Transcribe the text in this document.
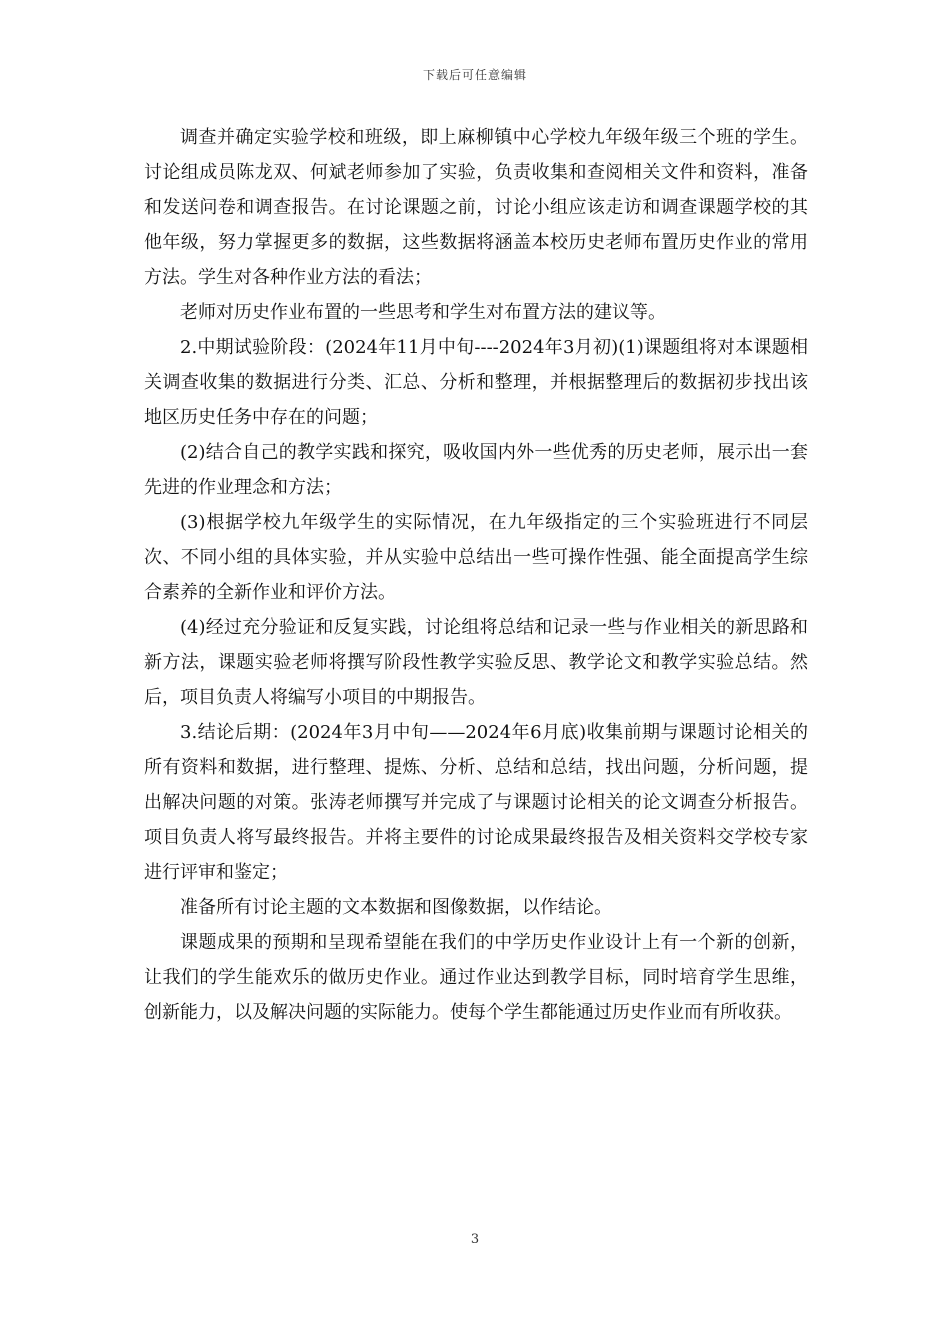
下载后可任意编辑

调查并确定实验学校和班级，即上麻柳镇中心学校九年级年级三个班的学生。讨论组成员陈龙双、何斌老师参加了实验，负责收集和查阅相关文件和资料，准备和发送问卷和调查报告。在讨论课题之前，讨论小组应该走访和调查课题学校的其他年级，努力掌握更多的数据，这些数据将涵盖本校历史老师布置历史作业的常用方法。学生对各种作业方法的看法；

老师对历史作业布置的一些思考和学生对布置方法的建议等。

2.中期试验阶段：(2024年11月中旬----2024年3月初)(1)课题组将对本课题相关调查收集的数据进行分类、汇总、分析和整理，并根据整理后的数据初步找出该地区历史任务中存在的问题；

(2)结合自己的教学实践和探究，吸收国内外一些优秀的历史老师，展示出一套先进的作业理念和方法；

(3)根据学校九年级学生的实际情况，在九年级指定的三个实验班进行不同层次、不同小组的具体实验，并从实验中总结出一些可操作性强、能全面提高学生综合素养的全新作业和评价方法。

(4)经过充分验证和反复实践，讨论组将总结和记录一些与作业相关的新思路和新方法，课题实验老师将撰写阶段性教学实验反思、教学论文和教学实验总结。然后，项目负责人将编写小项目的中期报告。

3.结论后期：(2024年3月中旬——2024年6月底)收集前期与课题讨论相关的所有资料和数据，进行整理、提炼、分析、总结和总结，找出问题，分析问题，提出解决问题的对策。张涛老师撰写并完成了与课题讨论相关的论文调查分析报告。项目负责人将写最终报告。并将主要件的讨论成果最终报告及相关资料交学校专家进行评审和鉴定；

准备所有讨论主题的文本数据和图像数据，以作结论。

课题成果的预期和呈现希望能在我们的中学历史作业设计上有一个新的创新，让我们的学生能欢乐的做历史作业。通过作业达到教学目标，同时培育学生思维，创新能力，以及解决问题的实际能力。使每个学生都能通过历史作业而有所收获。

3
